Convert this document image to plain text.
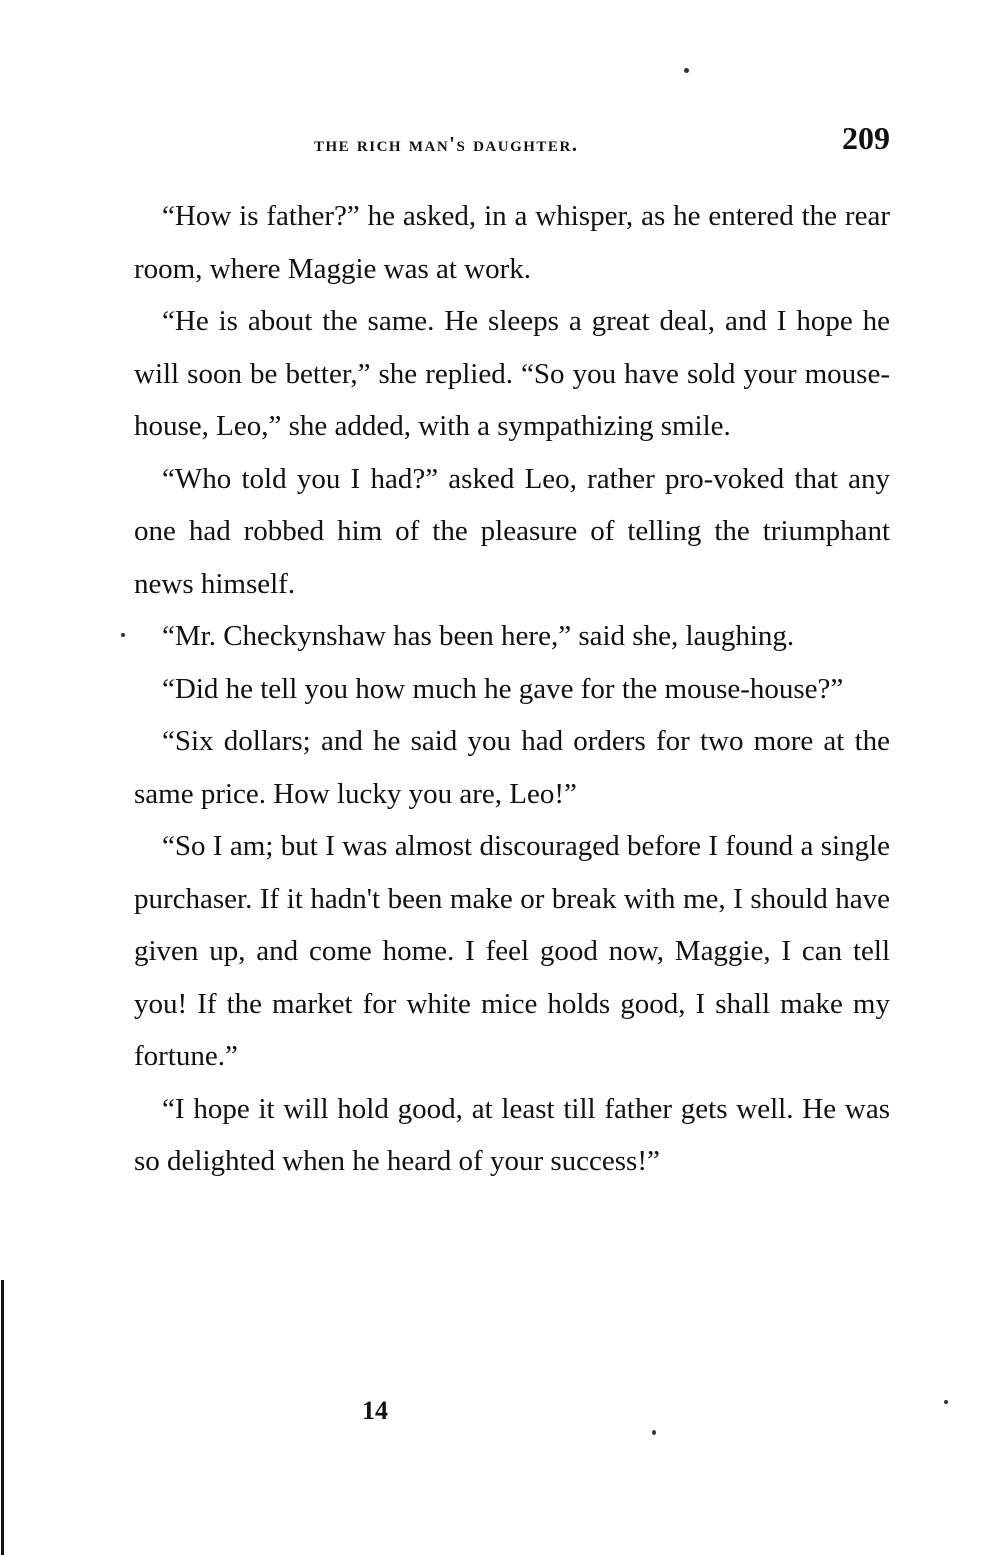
the rich man's daughter.	209

“How is father?” he asked, in a whisper, as he entered the rear room, where Maggie was at work.

“He is about the same. He sleeps a great deal, and I hope he will soon be better,” she replied. “So you have sold your mouse-house, Leo,” she added, with a sympathizing smile.

“Who told you I had?” asked Leo, rather pro-voked that any one had robbed him of the pleasure of telling the triumphant news himself.

“Mr. Checkynshaw has been here,” said she, laughing.

“Did he tell you how much he gave for the mouse-house?”

“Six dollars; and he said you had orders for two more at the same price. How lucky you are, Leo!”

“So I am; but I was almost discouraged before I found a single purchaser. If it hadn't been make or break with me, I should have given up, and come home. I feel good now, Maggie, I can tell you! If the market for white mice holds good, I shall make my fortune.”

“I hope it will hold good, at least till father gets well. He was so delighted when he heard of your success!”

14
